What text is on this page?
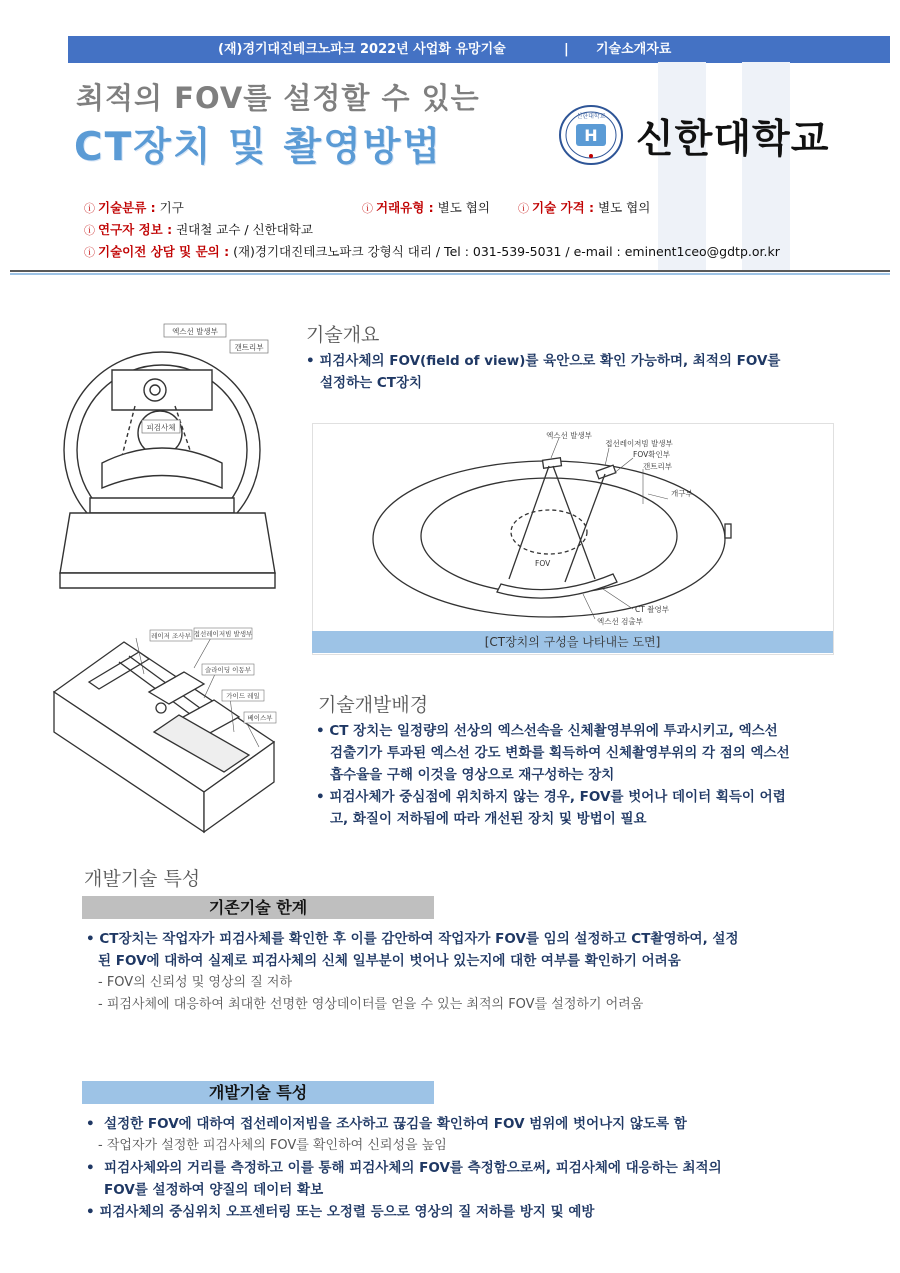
(재)경기대진테크노파크 2022년 사업화 유망기술	| 기술소개자료
최적의 FOV를 설정할 수 있는
CT장치 및 촬영방법	H
신한대학교
신한대학교
ⓘ 기술분류 : 기구	ⓘ 거래유형 : 별도 협의	ⓘ 기술 가격 : 별도 협의
ⓘ 연구자 정보 : 권대철 교수 / 신한대학교
ⓘ 기술이전 상담 및 문의 : (재)경기대진테크노파크 강형식 대리 / Tel : 031-539-5031 / e-mail : eminent1ceo@gdtp.or.kr
엑스선 발생부
갠트리부
피검사체
기술개요
• 피검사체의 FOV(field of view)를 육안으로 확인 가능하며, 최적의 FOV를
설정하는 CT장치
엑스선 발생부
접선레이저빔 발생부
FOV확인부
갠트리부
개구부
FOV
CT 촬영부
엑스선 검출부
[CT장치의 구성을 나타내는 도면]
레이저 조사부 접선레이저빔 발생부
슬라이딩 이동부
가이드 레일
베이스부
기술개발배경
• CT 장치는 일정량의 선상의 엑스선속을 신체촬영부위에 투과시키고, 엑스선
검출기가 투과된 엑스선 강도 변화를 획득하여 신체촬영부위의 각 점의 엑스선
흡수율을 구해 이것을 영상으로 재구성하는 장치
• 피검사체가 중심점에 위치하지 않는 경우, FOV를 벗어나 데이터 획득이 어렵
고, 화질이 저하됨에 따라 개선된 장치 및 방법이 필요
개발기술 특성
기존기술 한계
• CT장치는 작업자가 피검사체를 확인한 후 이를 감안하여 작업자가 FOV를 임의 설정하고 CT촬영하여, 설정
된 FOV에 대하여 실제로 피검사체의 신체 일부분이 벗어나 있는지에 대한 여부를 확인하기 어려움
- FOV의 신뢰성 및 영상의 질 저하
- 피검사체에 대응하여 최대한 선명한 영상데이터를 얻을 수 있는 최적의 FOV를 설정하기 어려움
개발기술 특성
•  설정한 FOV에 대하여 접선레이저빔을 조사하고 끊김을 확인하여 FOV 범위에 벗어나지 않도록 함
- 작업자가 설정한 피검사체의 FOV를 확인하여 신뢰성을 높임
•  피검사체와의 거리를 측정하고 이를 통해 피검사체의 FOV를 측정함으로써, 피검사체에 대응하는 최적의
FOV를 설정하여 양질의 데이터 확보
• 피검사체의 중심위치 오프센터링 또는 오정렬 등으로 영상의 질 저하를 방지 및 예방
